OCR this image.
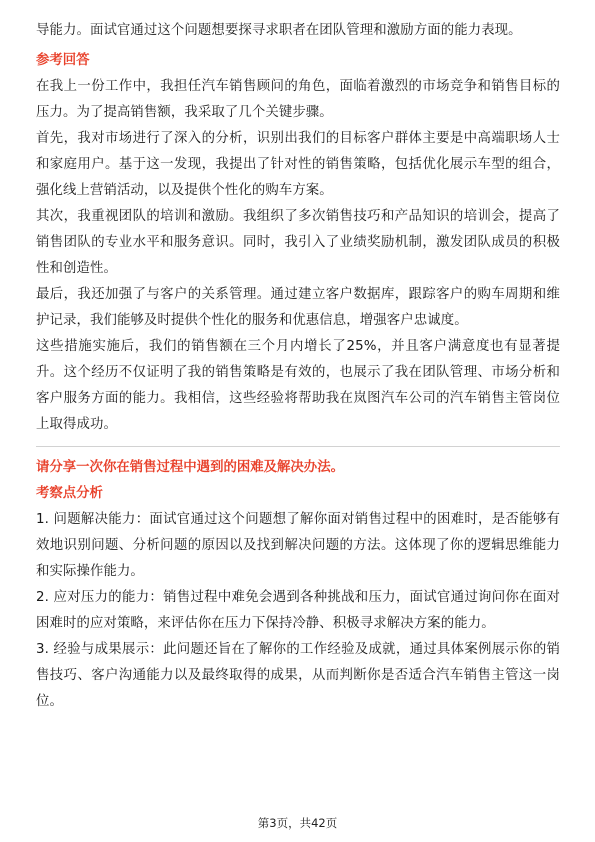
导能力。面试官通过这个问题想要探寻求职者在团队管理和激励方面的能力表现。

参考回答

在我上一份工作中，我担任汽车销售顾问的角色，面临着激烈的市场竞争和销售目标的压力。为了提高销售额，我采取了几个关键步骤。

首先，我对市场进行了深入的分析，识别出我们的目标客户群体主要是中高端职场人士和家庭用户。基于这一发现，我提出了针对性的销售策略，包括优化展示车型的组合，强化线上营销活动，以及提供个性化的购车方案。

其次，我重视团队的培训和激励。我组织了多次销售技巧和产品知识的培训会，提高了销售团队的专业水平和服务意识。同时，我引入了业绩奖励机制，激发团队成员的积极性和创造性。

最后，我还加强了与客户的关系管理。通过建立客户数据库，跟踪客户的购车周期和维护记录，我们能够及时提供个性化的服务和优惠信息，增强客户忠诚度。

这些措施实施后，我们的销售额在三个月内增长了25%，并且客户满意度也有显著提升。这个经历不仅证明了我的销售策略是有效的，也展示了我在团队管理、市场分析和客户服务方面的能力。我相信，这些经验将帮助我在岚图汽车公司的汽车销售主管岗位上取得成功。

请分享一次你在销售过程中遇到的困难及解决办法。

考察点分析

1. 问题解决能力：面试官通过这个问题想了解你面对销售过程中的困难时，是否能够有效地识别问题、分析问题的原因以及找到解决问题的方法。这体现了你的逻辑思维能力和实际操作能力。

2. 应对压力的能力：销售过程中难免会遇到各种挑战和压力，面试官通过询问你在面对困难时的应对策略，来评估你在压力下保持冷静、积极寻求解决方案的能力。

3. 经验与成果展示：此问题还旨在了解你的工作经验及成就，通过具体案例展示你的销售技巧、客户沟通能力以及最终取得的成果，从而判断你是否适合汽车销售主管这一岗位。

第3页，共42页
